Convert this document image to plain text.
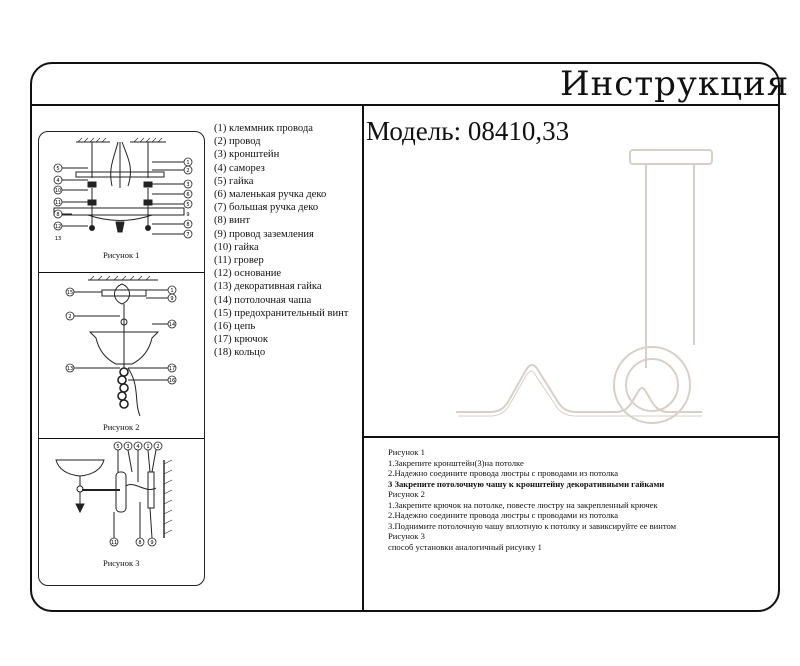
Инструкция
Модель: 08410,33
(1) клеммник провода
(2) провод
(3) кронштейн
(4) саморез
(5) гайка
(6) маленькая ручка деко
(7) большая ручка деко
(8) винт
(9) провод заземления
(10) гайка
(11) гровер
(12) основание
(13) декоративная гайка
(14) потолочная чаша
(15) предохранительный винт
(16) цепь
(17) крючок
(18) кольцо
5
4
10
11
8
12
13
1
2
3
6
5
9
8
7
Рисунок 1
15
2
13
1
9
14
17
16
Рисунок 2
5 3 4 1 2
11	8 9
Рисунок 3
Рисунок 1
1.Закрепите кронштейн(3)на потолке
2.Надежно соедините провода люстры с проводами из потолка
3 Закрепите потолочную чашу к кронштейну декоративными гайками
Рисунок 2
1.Закрепите крючок на потолке, повесте люстру на закрепленный крючек
2.Надежно соедините провода люстры с проводами из потолка
3.Поднимите потолочную чашу вплотную к потолку и завиксируйте ее винтом
Рисунок 3
способ установки аналогичный рисунку 1
